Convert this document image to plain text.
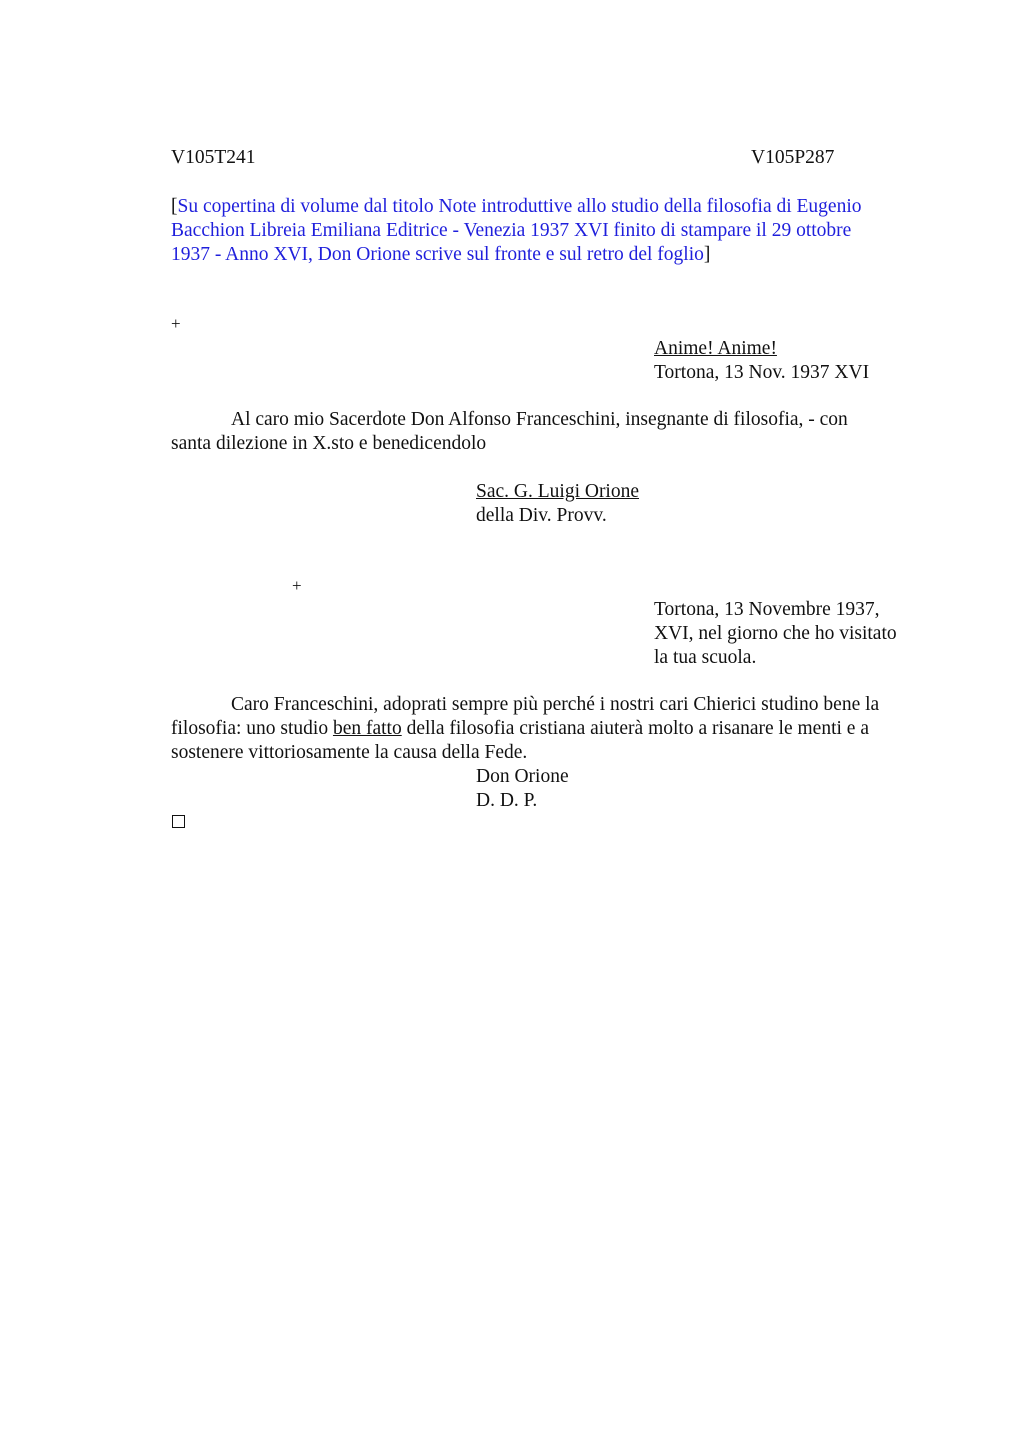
V105T241	V105P287
[Su copertina di volume dal titolo Note introduttive allo studio della filosofia di Eugenio
Bacchion Libreia Emiliana Editrice - Venezia 1937 XVI finito di stampare il 29 ottobre
1937 - Anno XVI, Don Orione scrive sul fronte e sul retro del foglio]
+
Anime! Anime!
Tortona, 13 Nov. 1937 XVI
Al caro mio Sacerdote Don Alfonso Franceschini, insegnante di filosofia, - con
santa dilezione in X.sto e benedicendolo
Sac. G. Luigi Orione
della Div. Provv.
+
Tortona, 13 Novembre 1937,
XVI, nel giorno che ho visitato
la tua scuola.
Caro Franceschini, adoprati sempre più perché i nostri cari Chierici studino bene la
filosofia: uno studio ben fatto della filosofia cristiana aiuterà molto a risanare le menti e a
sostenere vittoriosamente la causa della Fede.
Don Orione
D. D. P.
